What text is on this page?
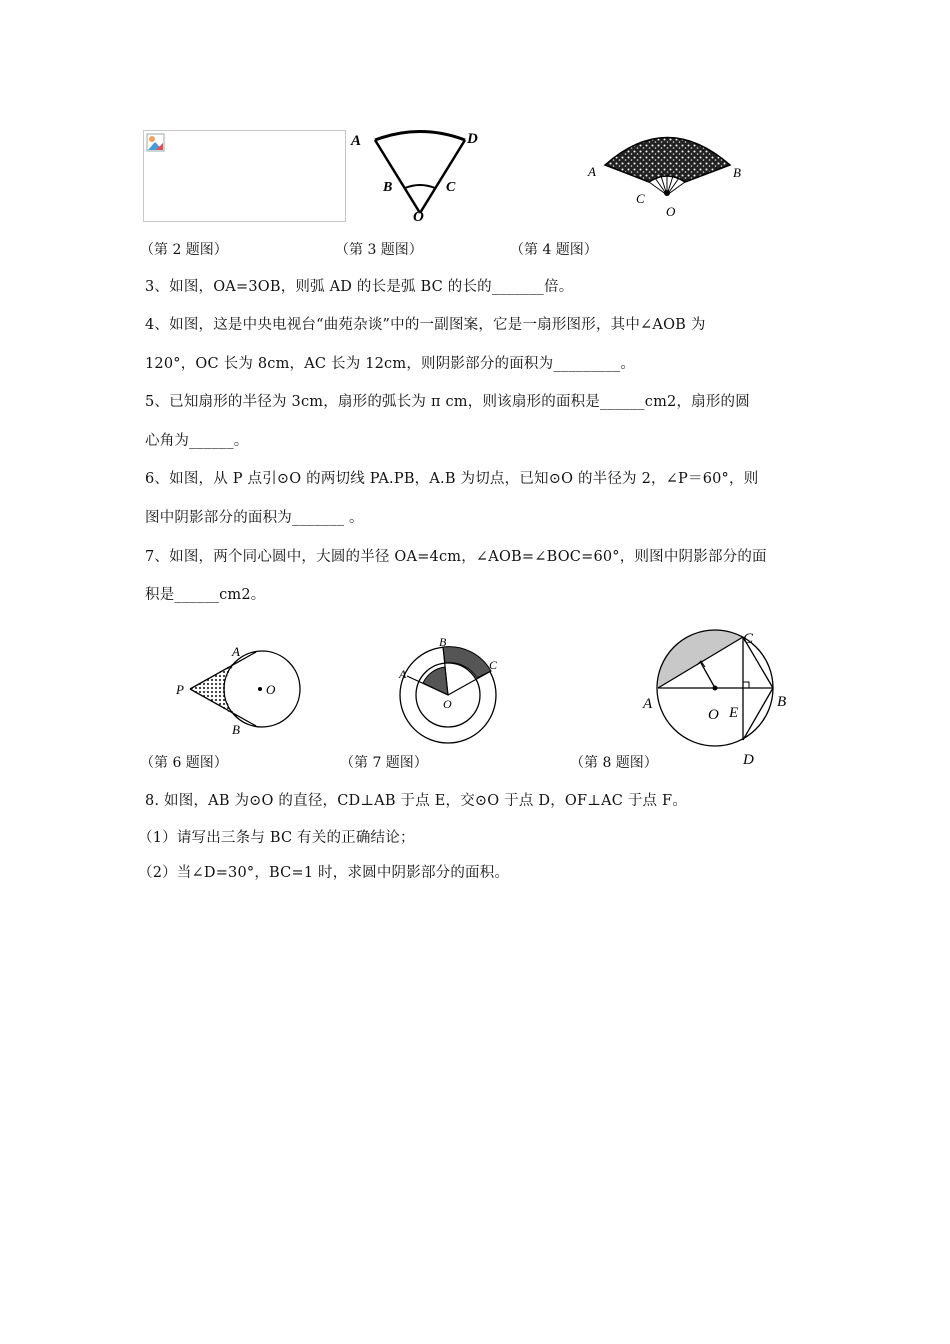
A	D
B	C
O
A	B
C
O
（第 2 题图）	（第 3 题图）	（第 4 题图）
3、如图，OA=3OB，则弧 AD 的长是弧 BC 的长的_______倍。
4、如图，这是中央电视台“曲苑杂谈”中的一副图案，它是一扇形图形，其中∠AOB 为
120°，OC 长为 8cm，AC 长为 12cm，则阴影部分的面积为_________。
5、已知扇形的半径为 3cm，扇形的弧长为 π cm，则该扇形的面积是______cm2，扇形的圆
心角为______。
6、如图，从 P 点引⊙O 的两切线 PA.PB，A.B 为切点，已知⊙O 的半径为 2，∠P＝60°，则
图中阴影部分的面积为_______ 。
7、如图，两个同心圆中，大圆的半径 OA=4cm，∠AOB=∠BOC=60°，则图中阴影部分的面
积是______cm2。
A
P	O
B
A
B
C
O	A	B
C
D
O E
（第 6 题图）	（第 7 题图）	（第 8 题图）
8. 如图，AB 为⊙O 的直径，CD⊥AB 于点 E，交⊙O 于点 D，OF⊥AC 于点 F。
（1）请写出三条与 BC 有关的正确结论；
（2）当∠D=30°，BC=1 时，求圆中阴影部分的面积。
